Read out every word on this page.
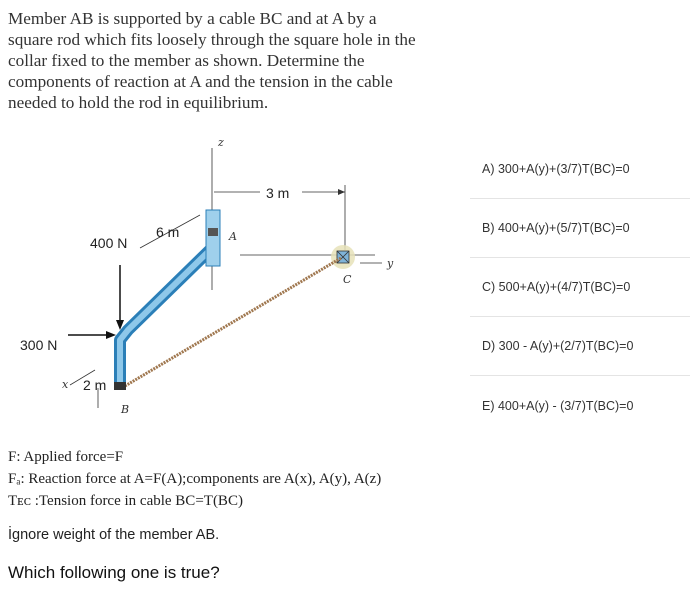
Member AB is supported by a cable BC and at A by a
square rod which fits loosely through the square hole in the
collar fixed to the member as shown. Determine the
components of reaction at A and the tension in the cable
needed to hold the rod in equilibrium.
z
3 m
y
C
6 m	A
B
400 N
300 N
x 2 m
A) 300+A(y)+(3/7)T(BC)=0
B) 400+A(y)+(5/7)T(BC)=0
C) 500+A(y)+(4/7)T(BC)=0
D) 300 - A(y)+(2/7)T(BC)=0
E) 400+A(y) - (3/7)T(BC)=0
F: Applied force=F
Fₐ: Reaction force at A=F(A);components are A(x), A(y), A(z)
Tᴇᴄ :Tension force in cable BC=T(BC)
İgnore weight of the member AB.
Which following one is true?
